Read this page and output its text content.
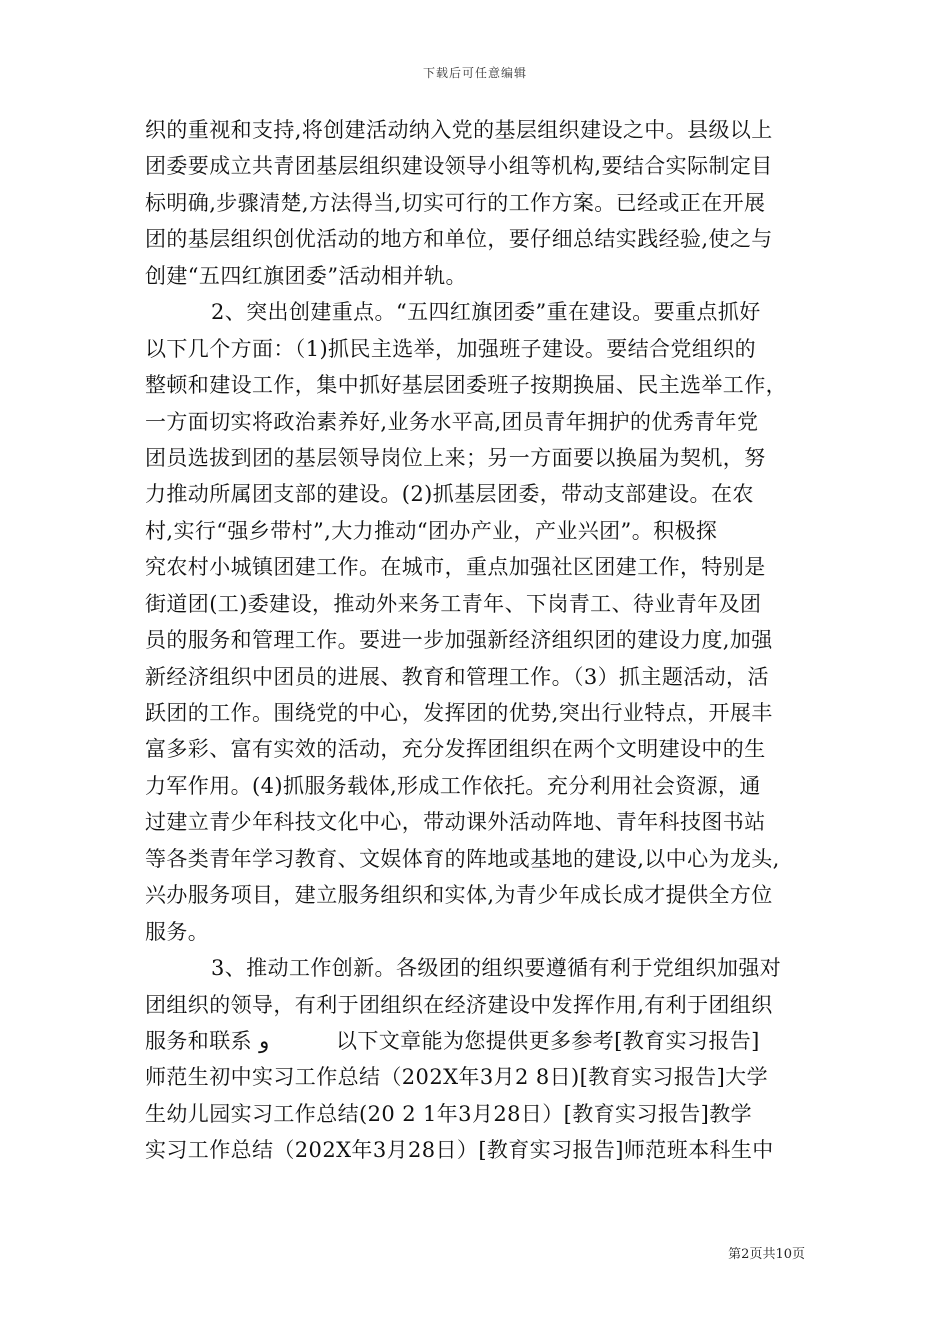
下载后可任意编辑
织的重视和支持,将创建活动纳入党的基层组织建设之中。县级以上
团委要成立共青团基层组织建设领导小组等机构,要结合实际制定目
标明确,步骤清楚,方法得当,切实可行的工作方案。已经或正在开展
团的基层组织创优活动的地方和单位，要仔细总结实践经验,使之与
创建“五四红旗团委”活动相并轨。
2、突出创建重点。“五四红旗团委”重在建设。要重点抓好
以下几个方面：（1)抓民主选举，加强班子建设。要结合党组织的
整顿和建设工作，集中抓好基层团委班子按期换届、民主选举工作，
一方面切实将政治素养好,业务水平高,团员青年拥护的优秀青年党
团员选拔到团的基层领导岗位上来；另一方面要以换届为契机，努
力推动所属团支部的建设。(2)抓基层团委，带动支部建设。在农
村,实行“强乡带村”,大力推动“团办产业，产业兴团”。积极探
究农村小城镇团建工作。在城市，重点加强社区团建工作，特别是
街道团(工)委建设，推动外来务工青年、下岗青工、待业青年及团
员的服务和管理工作。要进一步加强新经济组织团的建设力度,加强
新经济组织中团员的进展、教育和管理工作。（3）抓主题活动，活
跃团的工作。围绕党的中心，发挥团的优势,突出行业特点，开展丰
富多彩、富有实效的活动，充分发挥团组织在两个文明建设中的生
力军作用。(4)抓服务载体,形成工作依托。充分利用社会资源，通
过建立青少年科技文化中心，带动课外活动阵地、青年科技图书站
等各类青年学习教育、文娱体育的阵地或基地的建设,以中心为龙头,
兴办服务项目，建立服务组织和实体,为青少年成长成才提供全方位
服务。
3、推动工作创新。各级团的组织要遵循有利于党组织加强对
团组织的领导，有利于团组织在经济建设中发挥作用,有利于团组织
服务和联系 و          以下文章能为您提供更多参考[教育实习报告]
师范生初中实习工作总结（202X年3月2 8日)[教育实习报告]大学
生幼儿园实习工作总结(20 2 1年3月28日）[教育实习报告]教学
实习工作总结（202X年3月28日）[教育实习报告]师范班本科生中
第2页共10页
